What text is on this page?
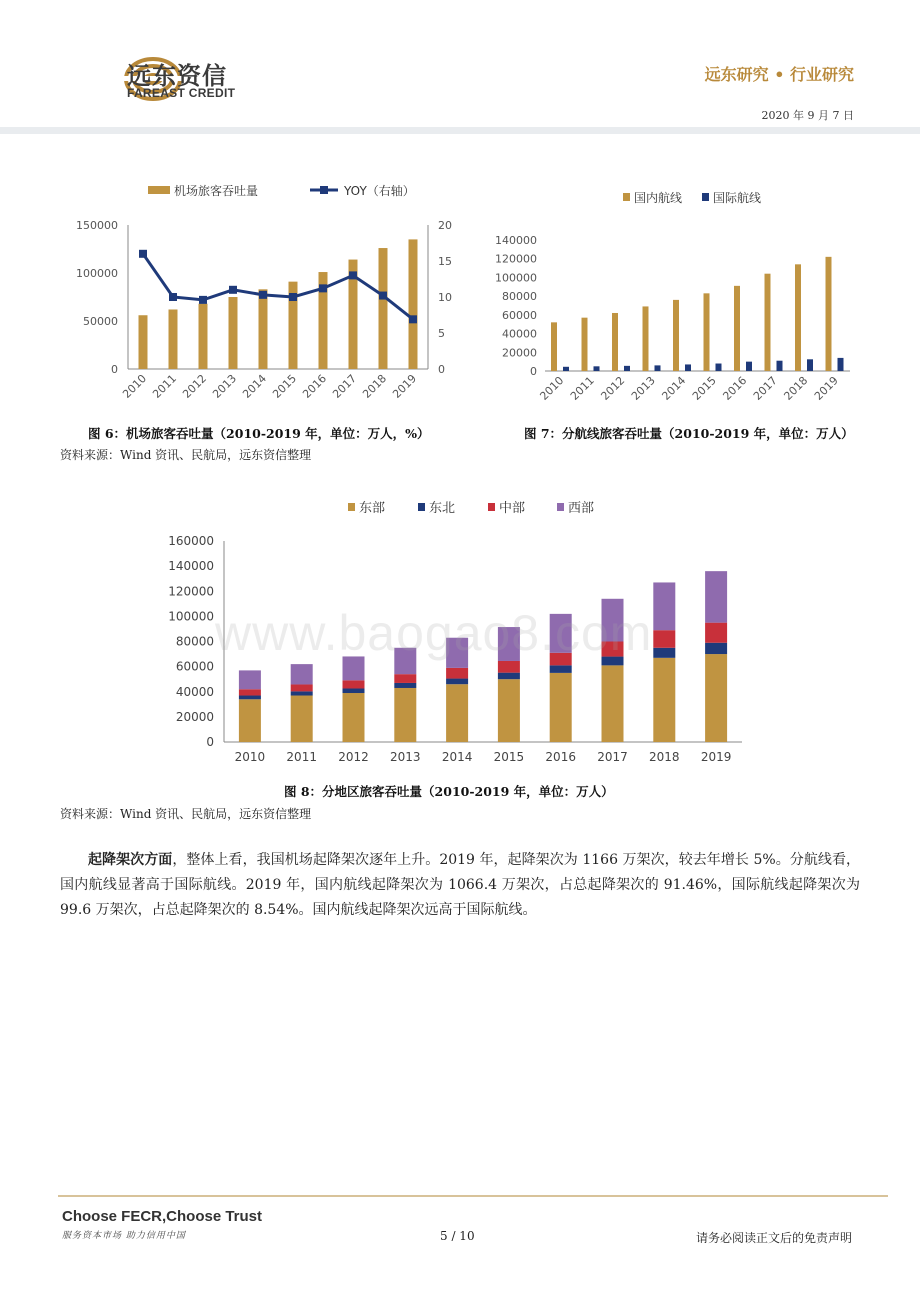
远东资信
FAREAST CREDIT
远东研究 • 行业研究
2020 年 9 月 7 日
机场旅客吞吐量	YOY（右轴）
0
50000
100000
150000
0
5
10
15
20
2010 2011 2012 2013 2014 2015 2016 2017 2018 2019
国内航线	国际航线
0
20000
40000
60000
80000
100000
120000
140000
2010 2011 2012 2013 2014 2015 2016 2017 2018 2019
图 6：机场旅客吞吐量（2010-2019 年，单位：万人，%）	图 7：分航线旅客吞吐量（2010-2019 年，单位：万人）
资料来源：Wind 资讯、民航局，远东资信整理
东部	东北	中部	西部
0
20000
40000
60000
80000
100000
120000
140000
160000
2010 2011 2012 2013 2014 2015 2016 2017 2018 2019
www.baogao8.com
图 8：分地区旅客吞吐量（2010-2019 年，单位：万人）
资料来源：Wind 资讯、民航局，远东资信整理
起降架次方面，整体上看，我国机场起降架次逐年上升。2019 年，起降架次为 1166 万架次，较去年增长 5%。分航线看，国内航线显著高于国际航线。2019 年，国内航线起降架次为 1066.4 万架次，占总起降架次的 91.46%，国际航线起降架次为 99.6 万架次，占总起降架次的 8.54%。国内航线起降架次远高于国际航线。
Choose FECR,Choose Trust
服务资本市场 助力信用中国	5 / 10	请务必阅读正文后的免责声明
